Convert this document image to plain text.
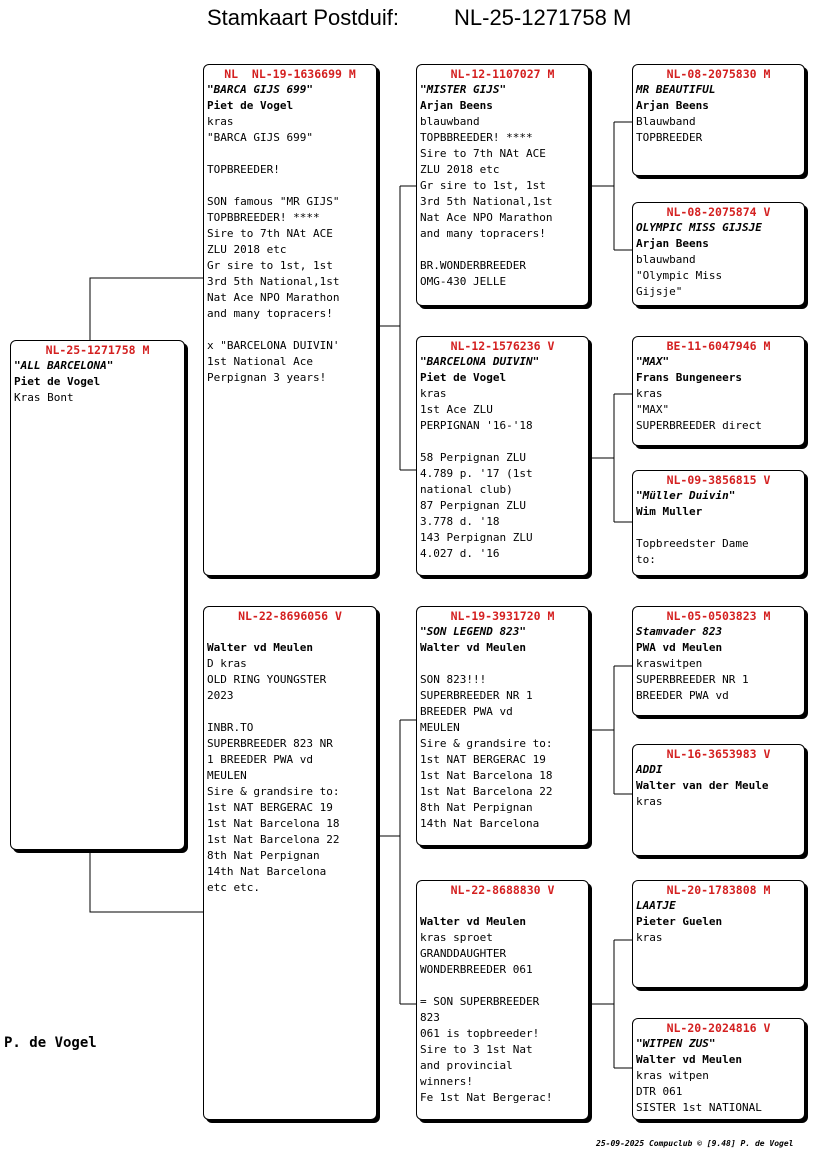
Stamkaart Postduif:	NL-25-1271758 M
NL-25-1271758 M
"ALL BARCELONA"
Piet de Vogel
Kras Bont
NL  NL-19-1636699 M
"BARCA GIJS 699"
Piet de Vogel
kras
"BARCA GIJS 699"
TOPBREEDER!
SON famous "MR GIJS"
TOPBBREEDER! ****
Sire to 7th NAt ACE
ZLU 2018 etc
Gr sire to 1st, 1st
3rd 5th National,1st
Nat Ace NPO Marathon
and many topracers!
x "BARCELONA DUIVIN'
1st National Ace
Perpignan 3 years!
NL-22-8696056 V
Walter vd Meulen
D kras
OLD RING YOUNGSTER
2023
INBR.TO
SUPERBREEDER 823 NR
1 BREEDER PWA vd
MEULEN
Sire & grandsire to:
1st NAT BERGERAC 19
1st Nat Barcelona 18
1st Nat Barcelona 22
8th Nat Perpignan
14th Nat Barcelona
etc etc.
NL-12-1107027 M
"MISTER GIJS"
Arjan Beens
blauwband
TOPBBREEDER! ****
Sire to 7th NAt ACE
ZLU 2018 etc
Gr sire to 1st, 1st
3rd 5th National,1st
Nat Ace NPO Marathon
and many topracers!
BR.WONDERBREEDER
OMG-430 JELLE
NL-12-1576236 V
"BARCELONA DUIVIN"
Piet de Vogel
kras
1st Ace ZLU
PERPIGNAN '16-'18
58 Perpignan ZLU
4.789 p. '17 (1st
national club)
87 Perpignan ZLU
3.778 d. '18
143 Perpignan ZLU
4.027 d. '16
NL-19-3931720 M
"SON LEGEND 823"
Walter vd Meulen
SON 823!!!
SUPERBREEDER NR 1
BREEDER PWA vd
MEULEN
Sire & grandsire to:
1st NAT BERGERAC 19
1st Nat Barcelona 18
1st Nat Barcelona 22
8th Nat Perpignan
14th Nat Barcelona
NL-22-8688830 V
Walter vd Meulen
kras sproet
GRANDDAUGHTER
WONDERBREEDER 061
= SON SUPERBREEDER
823
061 is topbreeder!
Sire to 3 1st Nat
and provincial
winners!
Fe 1st Nat Bergerac!
NL-08-2075830 M
MR BEAUTIFUL
Arjan Beens
Blauwband
TOPBREEDER
NL-08-2075874 V
OLYMPIC MISS GIJSJE
Arjan Beens
blauwband
"Olympic Miss
Gijsje"
BE-11-6047946 M
"MAX"
Frans Bungeneers
kras
"MAX"
SUPERBREEDER direct
NL-09-3856815 V
"Müller Duivin"
Wim Muller
Topbreedster Dame
to:
NL-05-0503823 M
Stamvader 823
PWA vd Meulen
kraswitpen
SUPERBREEDER NR 1
BREEDER PWA vd
NL-16-3653983 V
ADDI
Walter van der Meule
kras
NL-20-1783808 M
LAATJE
Pieter Guelen
kras
NL-20-2024816 V
"WITPEN ZUS"
Walter vd Meulen
kras witpen
DTR 061
SISTER 1st NATIONAL
P. de Vogel
25-09-2025 Compuclub © [9.48] P. de Vogel
